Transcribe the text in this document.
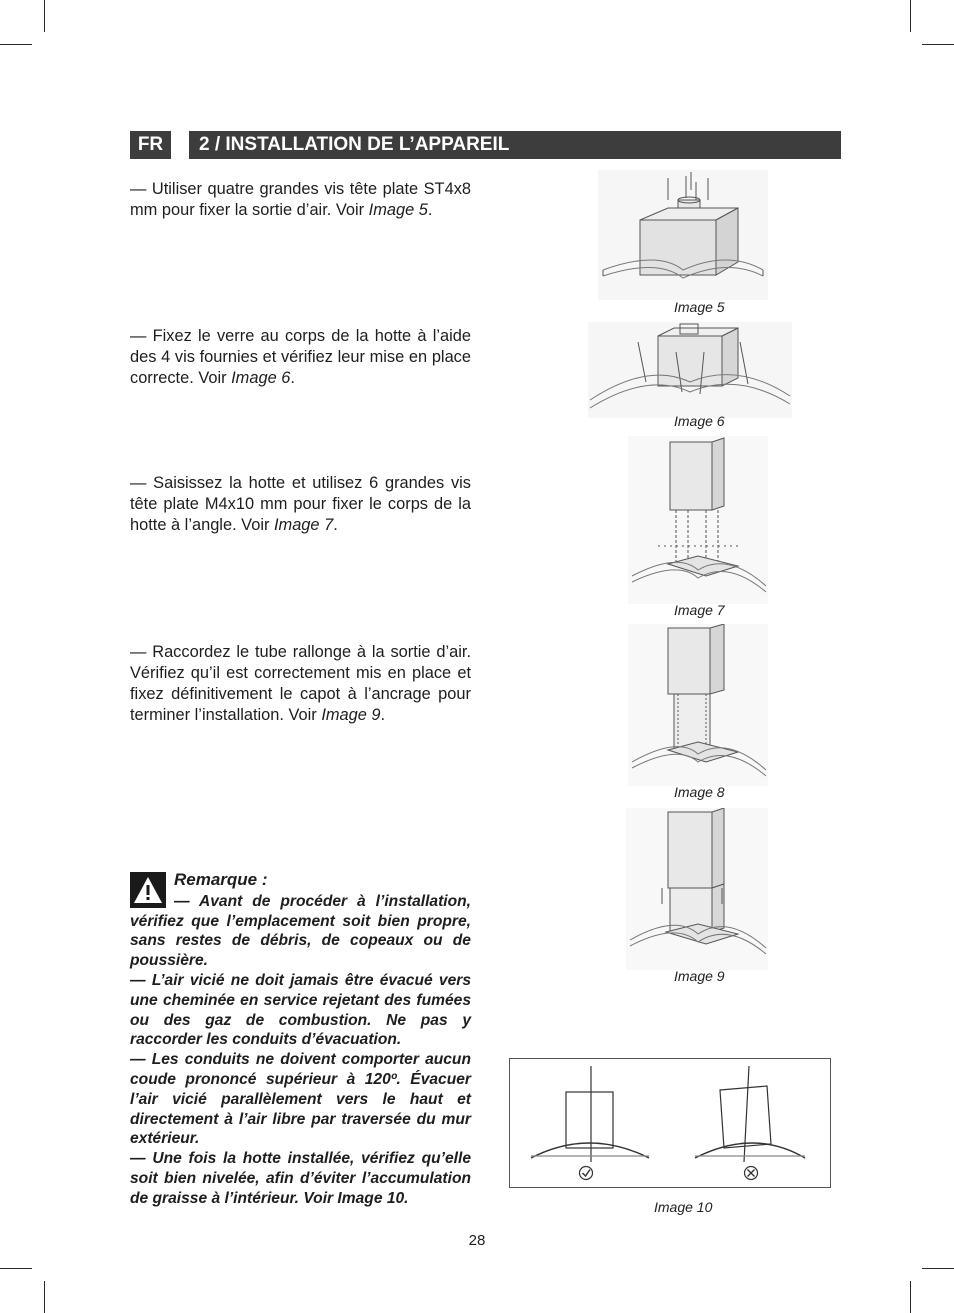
FR	2 / INSTALLATION DE L’APPAREIL

— Utiliser quatre grandes vis tête plate ST4x8 mm pour fixer la sortie d’air. Voir Image 5.

— Fixez le verre au corps de la hotte à l’aide des 4 vis fournies et vérifiez leur mise en place correcte. Voir Image 6.

— Saisissez la hotte et utilisez 6 grandes vis tête plate M4x10 mm pour fixer le corps de la hotte à l’angle. Voir Image 7.

— Raccordez le tube rallonge à la sortie d’air. Vérifiez qu’il est correctement mis en place et fixez définitivement le capot à l’ancrage pour terminer l’installation. Voir Image 9.

Image 5
Image 6
Image 7
Image 8
Image 9
Image 10
Remarque :

— Avant de procéder à l’installation, vérifiez que l’emplacement soit bien propre, sans restes de débris, de copeaux ou de poussière.

— L’air vicié ne doit jamais être évacué vers une cheminée en service rejetant des fumées ou des gaz de combustion. Ne pas y raccorder les conduits d’évacuation.

— Les conduits ne doivent comporter aucun coude prononcé supérieur à 120º. Évacuer l’air vicié parallèlement vers le haut et directement à l’air libre par traversée du mur extérieur.

— Une fois la hotte installée, vérifiez qu’elle soit bien nivelée, afin d’éviter l’accumulation de graisse à l’intérieur. Voir Image 10.

28
